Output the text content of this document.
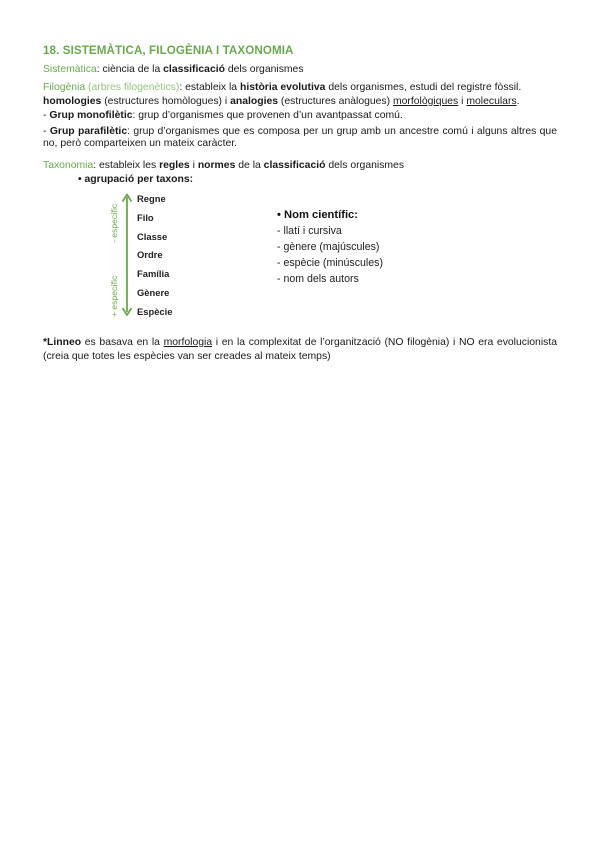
18. SISTEMÀTICA, FILOGÈNIA I TAXONOMIA
Sistemàtica: ciència de la classificació dels organismes
Filogènia (arbres filogenètics): estableix la història evolutiva dels organismes, estudi del registre fòssil.
homologies (estructures homòlogues) i analogies (estructures anàlogues) morfològiques i moleculars.
- Grup monofilètic: grup d’organismes que provenen d’un avantpassat comú.
- Grup parafilètic: grup d’organismes que es composa per un grup amb un ancestre comú i alguns altres que no, però comparteixen un mateix caràcter.
Taxonomia: estableix les regles i normes de la classificació dels organismes
• agrupació per taxons:
- específic
+ específic
Regne
Filo
Classe
Ordre
Família
Gènere
Espècie
• Nom científic:
- llatí i cursiva
- gènere (majúscules)
- espècie (minúscules)
- nom dels autors
*Linneo es basava en la morfologia i en la complexitat de l’organització (NO filogènia) i NO era evolucionista (creia que totes les espècies van ser creades al mateix temps)
